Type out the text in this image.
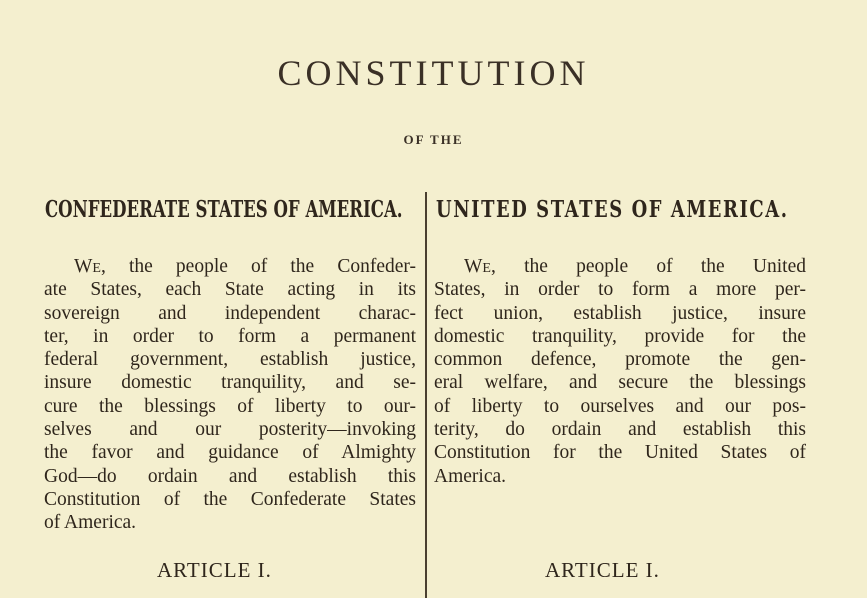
CONSTITUTION
OF THE
CONFEDERATE STATES OF AMERICA. UNITED STATES OF AMERICA.
We, the people of the Confeder-
ate States, each State acting in its
sovereign and independent charac-
ter, in order to form a permanent
federal government, establish justice,
insure domestic tranquility, and se-
cure the blessings of liberty to our-
selves and our posterity—invoking
the favor and guidance of Almighty
God—do ordain and establish this
Constitution of the Confederate States
of America.
We, the people of the United
States, in order to form a more per-
fect union, establish justice, insure
domestic tranquility, provide for the
common defence, promote the gen-
eral welfare, and secure the blessings
of liberty to ourselves and our pos-
terity, do ordain and establish this
Constitution for the United States of
America.
ARTICLE I.	ARTICLE I.
